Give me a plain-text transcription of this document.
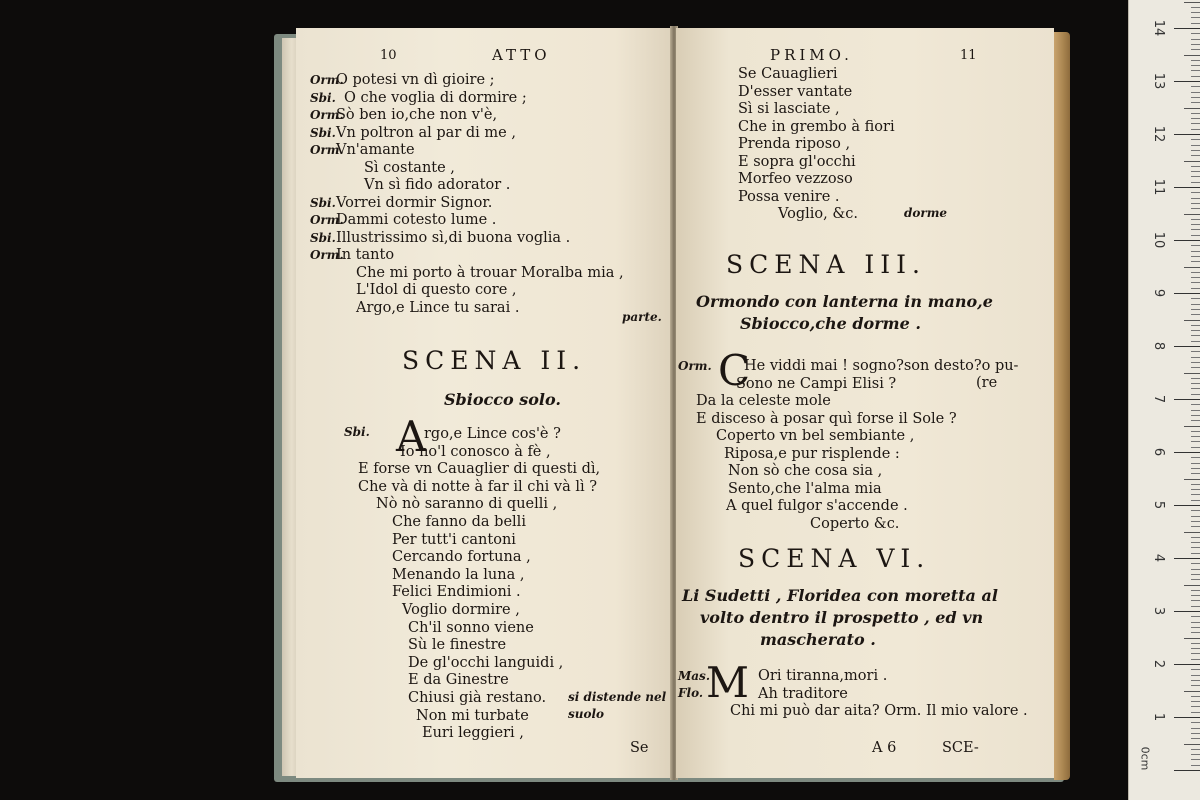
1
2
3
4
5
6
7
8
9
10
11
12
13
14
0cm
10	ATTO
Orm.
O potesi vn dì gioire ;
Sbi. O che voglia di dormire ;
Orm.
Sò ben io,che non v'è,
Sbi. Vn poltron al par di me ,
Orm.
Vn'amante
Sì costante ,
Vn sì fido adorator .
Sbi. Vorrei dormir Signor.
Orm.
Dammi cotesto lume .
Sbi. Illustrissimo sì,di buona voglia .
Orm.
In tanto
Che mi porto à trouar Moralba mia ,
L'Idol di questo core ,
Argo,e Lince tu sarai .
parte.
SCENA II.
Sbiocco solo.
Sbi. A
rgo,e Lince cos'è ?
Io no'l conosco à fè ,
E forse vn Cauaglier di questi dì,
Che và di notte à far il chi và lì ?
Nò nò saranno di quelli ,
Che fanno da belli
Per tutt'i cantoni
Cercando fortuna ,
Menando la luna ,
Felici Endimioni .
Voglio dormire ,
Ch'il sonno viene
Sù le finestre
De gl'occhi languidi ,
E da Ginestre
Chiusi già restano.
Non mi turbate
Euri leggieri ,
si distende nel
suolo
Se
PRIMO.	11
Se Cauaglieri
D'esser vantate
Sì si lasciate ,
Che in grembo à fiori
Prenda riposo ,
E sopra gl'occhi
Morfeo vezzoso
Possa venire .
Voglio, &c.	dorme
SCENA III.
Ormondo con lanterna in mano,e
Sbiocco,che dorme .
Orm. C
He viddi mai ! sogno?son desto?o pu-
Sono ne Campi Elisi ?
Da la celeste mole
E disceso à posar quì forse il Sole ?
Coperto vn bel sembiante ,
Riposa,e pur risplende :
Non sò che cosa sia ,
Sento,che l'alma mia
A quel fulgor s'accende .
Coperto &c.
(re
SCENA VI.
Li Sudetti , Floridea con moretta al
volto dentro il prospetto , ed vn
mascherato .
Mas.
Flo. M Ori tiranna,mori .
Ah traditore
Chi mi può dar aita? Orm. Il mio valore .
A 6	SCE-
